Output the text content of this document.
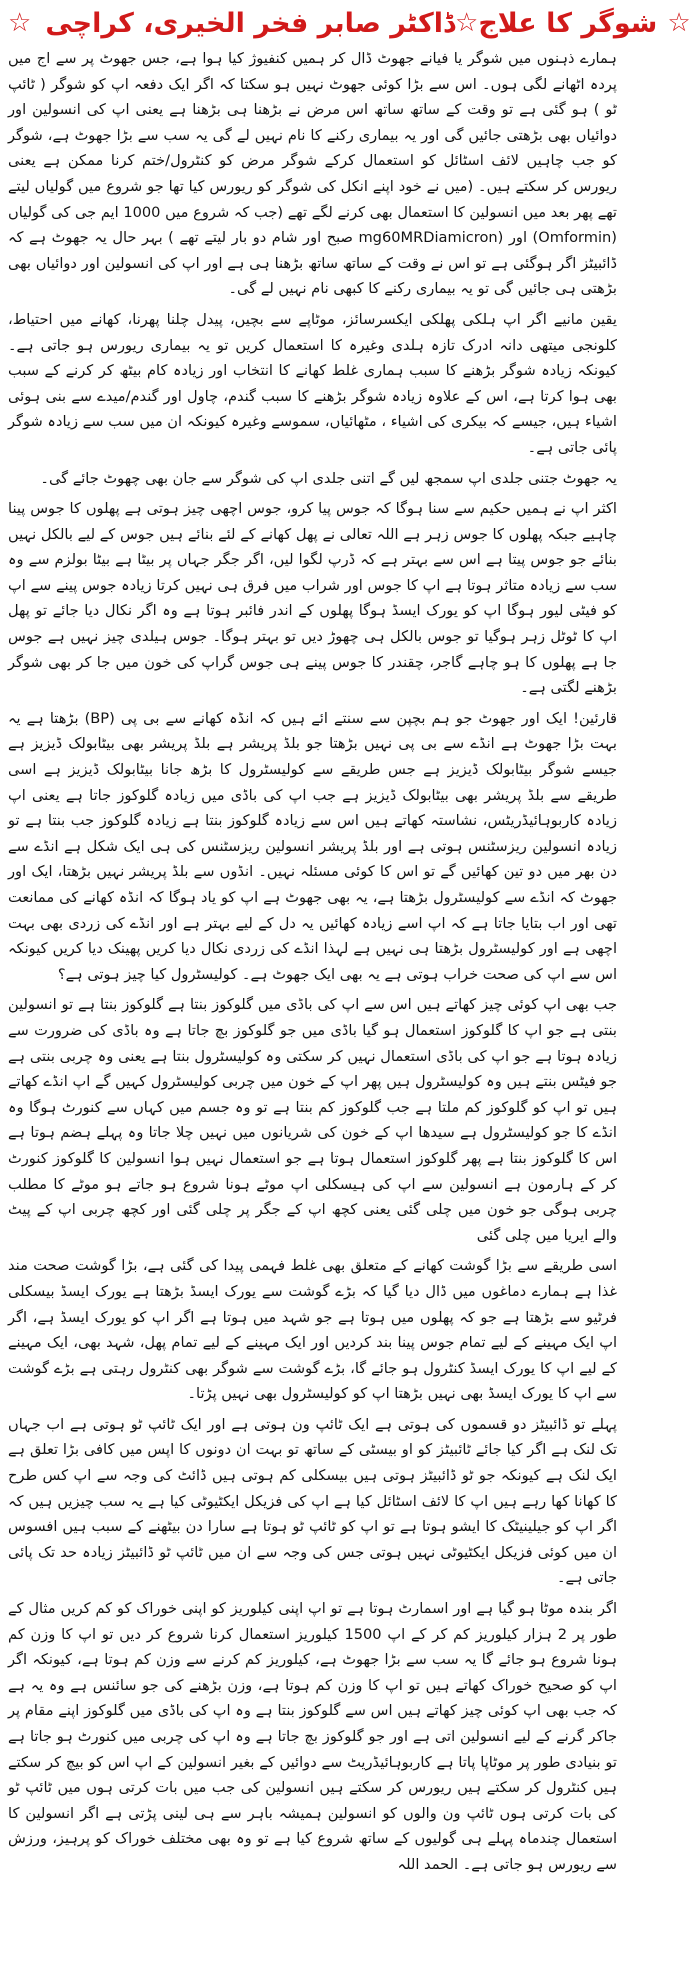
☆ ڈاکٹر صابر فخر الخیری، کراچی ☆ شوگر کا علاج ☆

ہمارے ذہنوں میں شوگر یا فیانے جھوٹ ڈال کر ہمیں کنفیوژ کیا ہوا ہے، جس جھوٹ پر سے اج میں پردہ اٹھانے لگی ہوں۔ اس سے بڑا کوئی جھوٹ نہیں ہو سکتا کہ اگر ایک دفعہ اپ کو شوگر ( ٹائپ ٹو ) ہو گئی ہے تو وقت کے ساتھ ساتھ اس مرض نے بڑھنا ہی بڑھنا ہے یعنی اپ کی انسولین اور دوائیاں بھی بڑھتی جائیں گی اور یہ بیماری رکنے کا نام نہیں لے گی یہ سب سے بڑا جھوٹ ہے، شوگر کو جب چاہیں لائف اسٹائل کو استعمال کرکے شوگر مرض کو کنٹرول/ختم کرنا ممکن ہے یعنی ریورس کر سکتے ہیں۔ (میں نے خود اپنے انکل کی شوگر کو ریورس کیا تھا جو شروع میں گولیاں لیتے تھے پھر بعد میں انسولین کا استعمال بھی کرنے لگے تھے (جب کہ شروع میں 1000 ایم جی کی گولیاں (Omformin) اور (mg60MRDiamicron صبح اور شام دو بار لیتے تھے ) بہر حال یہ جھوٹ ہے کہ ڈائبیٹز اگر ہوگئی ہے تو اس نے وقت کے ساتھ ساتھ بڑھنا ہی ہے اور اپ کی انسولین اور دوائیاں بھی بڑھتی ہی جائیں گی تو یہ بیماری رکنے کا کبھی نام نہیں لے گی۔

یقین مانیے اگر اپ ہلکی پھلکی ایکسرسائز، موٹاپے سے بچیں، پیدل چلنا پھرنا، کھانے میں احتیاط، کلونجی میتھی دانہ ادرک تازہ ہلدی وغیرہ کا استعمال کریں تو یہ بیماری ریورس ہو جاتی ہے۔ کیونکہ زیادہ شوگر بڑھنے کا سبب ہماری غلط کھانے کا انتخاب اور زیادہ کام بیٹھ کر کرنے کے سبب بھی ہوا کرتا ہے، اس کے علاوہ زیادہ شوگر بڑھنے کا سبب گندم، چاول اور گندم/میدے سے بنی ہوئی اشیاء ہیں، جیسے کہ بیکری کی اشیاء ، مٹھائیاں، سموسے وغیرہ کیونکہ ان میں سب سے زیادہ شوگر پائی جاتی ہے۔

یہ جھوٹ جتنی جلدی اپ سمجھ لیں گے اتنی جلدی اپ کی شوگر سے جان بھی چھوٹ جائے گی۔

اکثر اپ نے ہمیں حکیم سے سنا ہوگا کہ جوس پیا کرو، جوس اچھی چیز ہوتی ہے پھلوں کا جوس پینا چاہیے جبکہ پھلوں کا جوس زہر ہے اللہ تعالی نے پھل کھانے کے لئے بنائے ہیں جوس کے لیے بالکل نہیں بنائے جو جوس پیتا ہے اس سے بہتر ہے کہ ڈرپ لگوا لیں، اگر جگر جہاں پر بیٹا ہے بیٹا بولزم سے وہ سب سے زیادہ متاثر ہوتا ہے اپ کا جوس اور شراب میں فرق ہی نہیں کرتا زیادہ جوس پینے سے اپ کو فیٹی لیور ہوگا اپ کو یورک ایسڈ ہوگا پھلوں کے اندر فائبر ہوتا ہے وہ اگر نکال دیا جائے تو پھل اپ کا ٹوٹل زہر ہوگیا تو جوس بالکل ہی چھوڑ دیں تو بہتر ہوگا۔ جوس ہیلدی چیز نہیں ہے جوس جا ہے پھلوں کا ہو چاہے گاجر، چقندر کا جوس پینے ہی جوس گراپ کی خون میں جا کر بھی شوگر بڑھنے لگتی ہے۔

قارئین! ایک اور جھوٹ جو ہم بچپن سے سنتے ائے ہیں کہ انڈہ کھانے سے بی پی (BP) بڑھتا ہے یہ بہت بڑا جھوٹ ہے انڈے سے بی پی نہیں بڑھتا جو بلڈ پریشر ہے بلڈ پریشر بھی بیٹابولک ڈیزیز ہے جیسے شوگر بیٹابولک ڈیزیز ہے جس طریقے سے کولیسٹرول کا بڑھ جانا بیٹابولک ڈیزیز ہے اسی طریقے سے بلڈ پریشر بھی بیٹابولک ڈیزیز ہے جب اپ کی باڈی میں زیادہ گلوکوز جاتا ہے یعنی اپ زیادہ کاربوہائیڈریٹس، نشاستہ کھاتے ہیں اس سے زیادہ گلوکوز بنتا ہے زیادہ گلوکوز جب بنتا ہے تو زیادہ انسولین ریزسٹنس ہوتی ہے اور بلڈ پریشر انسولین ریزسٹنس کی ہی ایک شکل ہے انڈے سے دن بھر میں دو تین کھائیں گے تو اس کا کوئی مسئلہ نہیں۔ انڈوں سے بلڈ پریشر نہیں بڑھتا، ایک اور جھوٹ کہ انڈے سے کولیسٹرول بڑھتا ہے، یہ بھی جھوٹ ہے اپ کو یاد ہوگا کہ انڈہ کھانے کی ممانعت تھی اور اب بتایا جاتا ہے کہ اپ اسے زیادہ کھائیں یہ دل کے لیے بہتر ہے اور انڈے کی زردی بھی بہت اچھی ہے اور کولیسٹرول بڑھتا ہی نہیں ہے لہذا انڈے کی زردی نکال دیا کریں پھینک دیا کریں کیونکہ اس سے اپ کی صحت خراب ہوتی ہے یہ بھی ایک جھوٹ ہے۔ کولیسٹرول کیا چیز ہوتی ہے؟

جب بھی اپ کوئی چیز کھاتے ہیں اس سے اپ کی باڈی میں گلوکوز بنتا ہے گلوکوز بنتا ہے تو انسولین بنتی ہے جو اپ کا گلوکوز استعمال ہو گیا باڈی میں جو گلوکوز بچ جاتا ہے وہ باڈی کی ضرورت سے زیادہ ہوتا ہے جو اپ کی باڈی استعمال نہیں کر سکتی وہ کولیسٹرول بنتا ہے یعنی وہ چربی بنتی ہے جو فیٹس بنتے ہیں وہ کولیسٹرول ہیں پھر اپ کے خون میں چربی کولیسٹرول کہیں گے اپ انڈے کھاتے ہیں تو اپ کو گلوکوز کم ملتا ہے جب گلوکوز کم بنتا ہے تو وہ جسم میں کہاں سے کنورٹ ہوگا وہ انڈے کا جو کولیسٹرول ہے سیدھا اپ کے خون کی شریانوں میں نہیں چلا جاتا وہ پہلے ہضم ہوتا ہے اس کا گلوکوز بنتا ہے پھر گلوکوز استعمال ہوتا ہے جو استعمال نہیں ہوا انسولین کا گلوکوز کنورٹ کر کے ہارمون ہے انسولین سے اپ کی ہیسکلی اپ موٹے ہونا شروع ہو جاتے ہو موٹے کا مطلب چربی ہوگی جو خون میں چلی گئی یعنی کچھ اپ کے جگر پر چلی گئی اور کچھ چربی اپ کے پیٹ والے ایریا میں چلی گئی

اسی طریقے سے بڑا گوشت کھانے کے متعلق بھی غلط فہمی پیدا کی گئی ہے، بڑا گوشت صحت مند غذا ہے ہمارے دماغوں میں ڈال دیا گیا کہ بڑے گوشت سے یورک ایسڈ بڑھتا ہے یورک ایسڈ بیسکلی فرٹیو سے بڑھتا ہے جو کہ پھلوں میں ہوتا ہے جو شہد میں ہوتا ہے اگر اپ کو یورک ایسڈ ہے، اگر اپ ایک مہینے کے لیے تمام جوس پینا بند کردیں اور ایک مہینے کے لیے تمام پھل، شہد بھی، ایک مہینے کے لیے اپ کا یورک ایسڈ کنٹرول ہو جائے گا، بڑے گوشت سے شوگر بھی کنٹرول رہتی ہے بڑے گوشت سے اپ کا یورک ایسڈ بھی نہیں بڑھتا اپ کو کولیسٹرول بھی نہیں پڑتا۔

پہلے تو ڈائبیٹز دو قسموں کی ہوتی ہے ایک ٹائپ ون ہوتی ہے اور ایک ٹائپ ٹو ہوتی ہے اب جہاں تک لنک ہے اگر کیا جائے ٹائبیٹز کو او بیسٹی کے ساتھ تو بہت ان دونوں کا اپس میں کافی بڑا تعلق ہے ایک لنک ہے کیونکہ جو ٹو ڈائبیٹز ہوتی ہیں بیسکلی کم ہوتی ہیں ڈائٹ کی وجہ سے اپ کس طرح کا کھانا کھا رہے ہیں اپ کا لائف اسٹائل کیا ہے اپ کی فزیکل ایکٹیوٹی کیا ہے یہ سب چیزیں ہیں کہ اگر اپ کو جیلینیٹک کا ایشو ہوتا ہے تو اپ کو ٹائپ ٹو ہوتا ہے سارا دن بیٹھنے کے سبب ہیں افسوس ان میں کوئی فزیکل ایکٹیوٹی نہیں ہوتی جس کی وجہ سے ان میں ٹائپ ٹو ڈائبیٹز زیادہ حد تک پائی جاتی ہے۔

اگر بندہ موٹا ہو گیا ہے اور اسمارٹ ہوتا ہے تو اپ اپنی کیلوریز کو اپنی خوراک کو کم کریں مثال کے طور پر 2 ہزار کیلوریز کم کر کے اپ 1500 کیلوریز استعمال کرنا شروع کر دیں تو اپ کا وزن کم ہونا شروع ہو جائے گا یہ سب سے بڑا جھوٹ ہے، کیلوریز کم کرنے سے وزن کم ہوتا ہے، کیونکہ اگر اپ کو صحیح خوراک کھاتے ہیں تو اپ کا وزن کم ہوتا ہے، وزن بڑھنے کی جو سائنس ہے وہ یہ ہے کہ جب بھی اپ کوئی چیز کھاتے ہیں اس سے گلوکوز بنتا ہے وہ اپ کی باڈی میں گلوکوز اپنے مقام پر جاکر گرنے کے لیے انسولین اتی ہے اور جو گلوکوز بچ جاتا ہے وہ اپ کی چربی میں کنورٹ ہو جاتا ہے تو بنیادی طور پر موٹاپا پاتا ہے کاربوہائیڈریٹ سے دوائیں کے بغیر انسولین کے اپ اس کو بیچ کر سکتے ہیں کنٹرول کر سکتے ہیں ریورس کر سکتے ہیں انسولین کی جب میں بات کرتی ہوں میں ٹائپ ٹو کی بات کرتی ہوں ٹائپ ون والوں کو انسولین ہمیشہ باہر سے ہی لینی پڑتی ہے اگر انسولین کا استعمال چندماہ پہلے ہی گولیوں کے ساتھ شروع کیا ہے تو وہ بھی مختلف خوراک کو پرہیز، ورزش سے ریورس ہو جاتی ہے۔ الحمد اللہ
